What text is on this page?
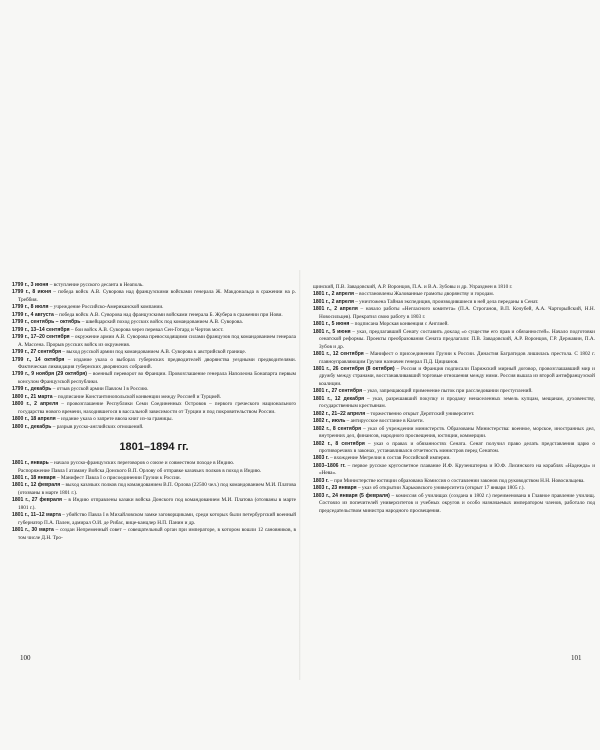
1799 г., 3 июня – вступление русского десанта в Неаполь.

1799 г., 8 июня – победа войск А.В. Суворова над французскими войсками генерала Ж. Макдональда в сражении на р. Треббия.

1799 г., 8 июля – учреждение Российско-Американской компании.

1799 г., 4 августа – победа войск А.В. Суворова над французскими войсками генерала Б. Жубера в сражении при Нови.

1799 г., сентябрь – октябрь – швейцарский поход русских войск под командованием А.В. Суворова.

1799 г., 13–14 сентября – бои войск А.В. Суворова через перевал Сен-Готард и Чертов мост.

1799 г., 17–20 сентября – окружение армии А.В. Суворова превосходящими силами французов под командованием генерала А. Массена. Прорыв русских войск из окружения.

1799 г., 27 сентября – выход русской армии под командованием А.В. Суворова к австрийской границе.

1799 г., 14 октября – издание указа о выборах губернских предводителей дворянства уездными предводителями. Фактическая ликвидация губернских дворянских собраний.

1799 г., 9 ноября (29 октября) – военный переворот во Франции. Провозглашение генерала Наполеона Бонапарта первым консулом Французской республики.

1799 г., декабрь – отзыв русской армии Павлом I в Россию.

1800 г., 21 марта – подписание Константинопольской конвенции между Россией и Турцией.

1800 г., 2 апреля – провозглашение Республики Семи Соединенных Островов – первого греческого национального государства нового времени, находившегося в вассальной зависимости от Турции и под покровительством России.

1800 г., 18 апреля – издание указа о запрете ввоза книг из-за границы.

1800 г., декабрь – разрыв русско-английских отношений.

1801–1894 гг.

1801 г., январь – начало русско-французских переговоров о союзе и совместном походе в Индию.

Распоряжение Павла I атаману Войска Донского В.П. Орлову об отправке казачьих полков в поход в Индию.

1801 г., 18 января – Манифест Павла I о присоединении Грузии к России.

1801 г., 12 февраля – выход казачьих полков под командованием В.П. Орлова (22500 чел.) под командованием М.И. Платова (отозваны в марте 1801 г.).

1801 г., 27 февраля – в Индию отправлены казаки войска Донского под командованием М.И. Платова (отозваны в марте 1801 г.).

1801 г., 11–12 марта – убийство Павла I в Михайловском замке заговорщиками, среди которых были петербургский военный губернатор П.А. Пален, адмирал О.И. де Рибас, вице-канцлер Н.П. Панин и др.

1801 г., 30 марта – создан Непременный совет – совещательный орган при императоре, в котором вошли 12 сановников, в том числе Д.Н. Тро-

щинский, П.В. Завадовский, А.Р. Воронцов, П.А. и В.А. Зубовы и др. Упразднен в 1810 г.

1801 г., 2 апреля – восстановлены Жалованные грамоты дворянству и городам.

1801 г., 2 апреля – уничтожена Тайная экспедиция, производившиеся в ней дела переданы в Сенат.

1801 г., 2 апреля – начало работы «Негласного комитета» (П.А. Строганов, В.П. Кочубей, А.А. Чарторыйский, Н.Н. Новосильцев). Прекратил свою работу в 1803 г.

1801 г., 5 июня – подписана Морская конвенция с Англией.

1801 г., 5 июня – указ, предлагавший Сенату составить доклад «о существе его прав и обязанностей». Начало подготовки сенатской реформы. Проекты преобразования Сената предлагали: П.В. Завадовский, А.Р. Воронцов, Г.Р. Державин, П.А. Зубов и др.

1801 г., 12 сентября – Манифест о присоединении Грузии к России. Династия Багратидов лишилась престола. С 1802 г. главноуправляющим Грузии назначен генерал П.Д. Цицианов.

1801 г., 26 сентября (8 октября) – Россия и Франция подписали Парижский мирный договор, провозглашавший мир и дружбу между странами, восстанавливавший торговые отношения между ними. Россия вышла из второй антифранцузской коалиции.

1801 г., 27 сентября – указ, запрещающий применение пыток при расследовании преступлений.

1801 г., 12 декабря – указ, разрешавший покупку и продажу ненаселенных земель купцам, мещанам, духовенству, государственным крестьянам.

1802 г., 21–22 апреля – торжественно открыт Дерптский университет.

1802 г., июль – антирусское восстание в Кахети.

1802 г., 8 сентября – указ об учреждении министерств. Образованы Министерства: военное, морское, иностранных дел, внутренних дел, финансов, народного просвещения, юстиции, коммерции.

1802 г., 8 сентября – указ о правах и обязанностях Сената. Сенат получил право делать представления царю о противоречиях в законах, устанавливался отчетность министров перед Сенатом.

1803 г. – вхождение Мегрелии в состав Российской империи.

1803–1806 гг. – первое русское кругосветное плавание И.Ф. Крузенштерна и Ю.Ф. Лисянского на кораблях «Надежда» и «Нева».

1803 г. – при Министерстве юстиции образована Комиссия о составлении законов под руководством Н.Н. Новосильцева.

1803 г., 23 января – указ об открытии Харьковского университета (открыт 17 января 1805 г.).

1803 г., 24 января (5 февраля) – комиссия об училищах (создана в 1802 г.) переименована в Главное правление училищ. Состояло из попечителей университетов и учебных округов и особо назначаемых императором членов, работало под председательством министра народного просвещения.

100	101
